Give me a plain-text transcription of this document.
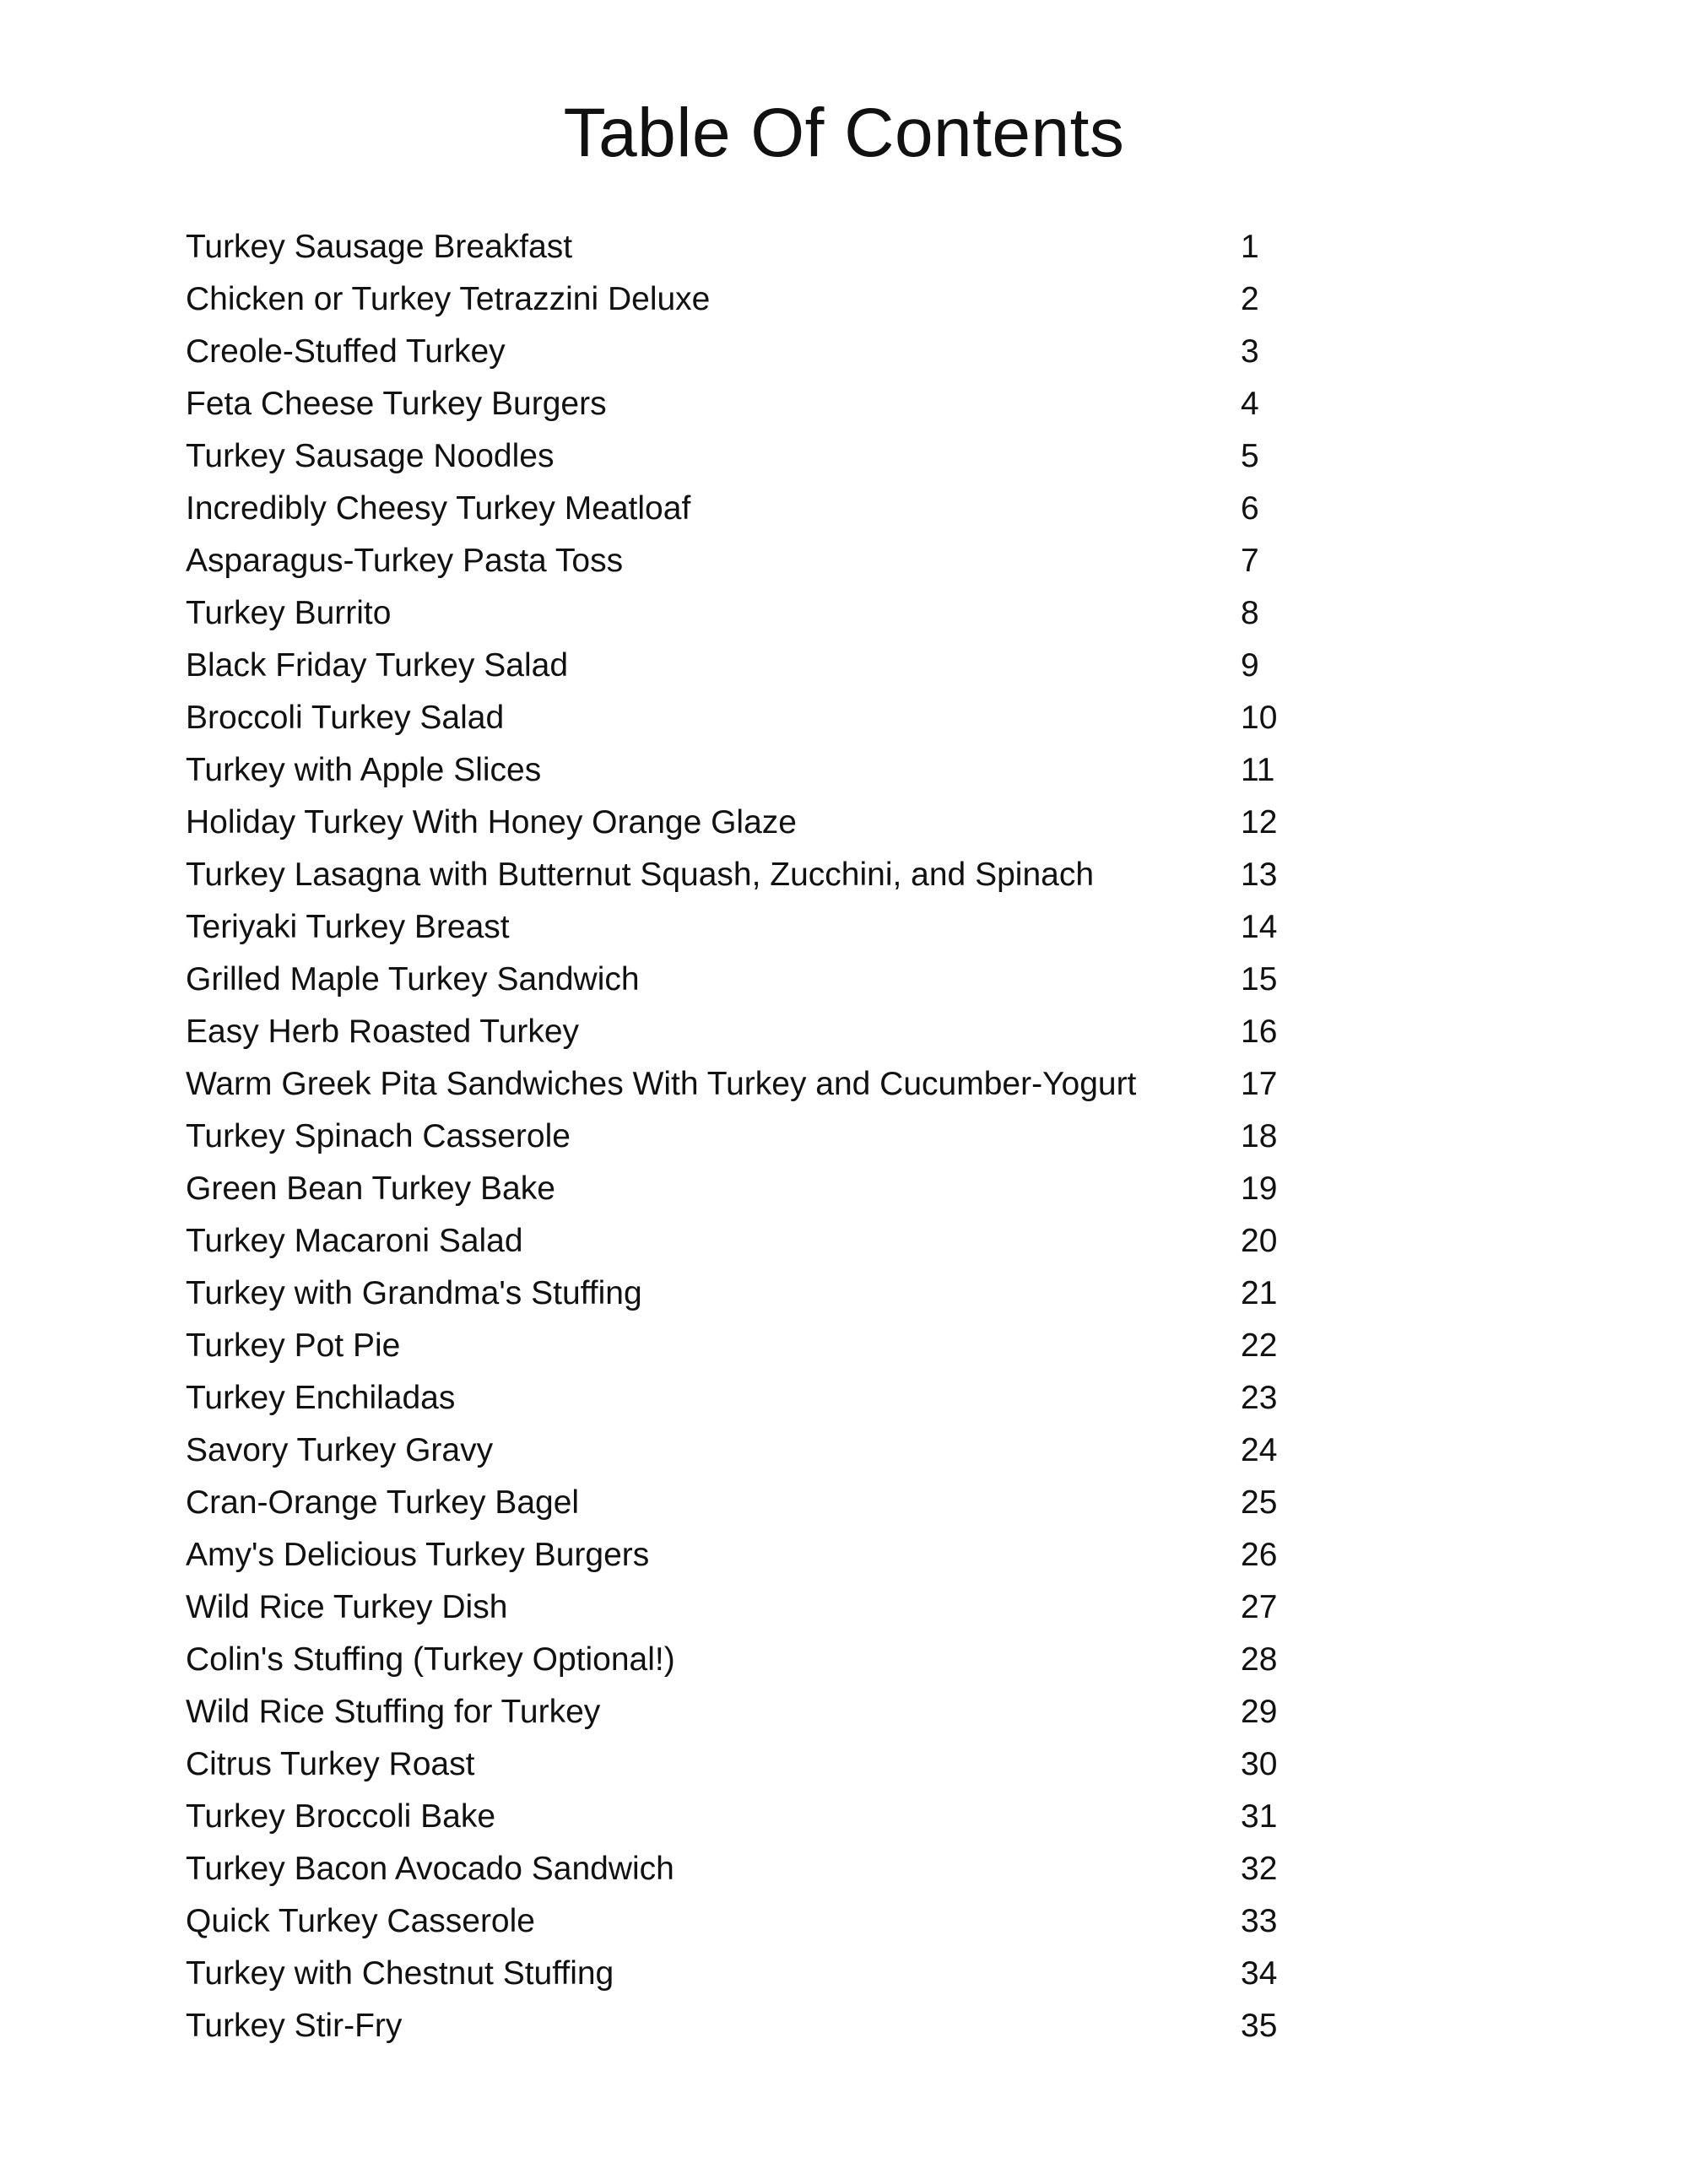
Table Of Contents
Turkey Sausage Breakfast	1
Chicken or Turkey Tetrazzini Deluxe	2
Creole-Stuffed Turkey	3
Feta Cheese Turkey Burgers	4
Turkey Sausage Noodles	5
Incredibly Cheesy Turkey Meatloaf	6
Asparagus-Turkey Pasta Toss	7
Turkey Burrito	8
Black Friday Turkey Salad	9
Broccoli Turkey Salad	10
Turkey with Apple Slices	11
Holiday Turkey With Honey Orange Glaze	12
Turkey Lasagna with Butternut Squash, Zucchini, and Spinach	13
Teriyaki Turkey Breast	14
Grilled Maple Turkey Sandwich	15
Easy Herb Roasted Turkey	16
Warm Greek Pita Sandwiches With Turkey and Cucumber-Yogurt	17
Turkey Spinach Casserole	18
Green Bean Turkey Bake	19
Turkey Macaroni Salad	20
Turkey with Grandma's Stuffing	21
Turkey Pot Pie	22
Turkey Enchiladas	23
Savory Turkey Gravy	24
Cran-Orange Turkey Bagel	25
Amy's Delicious Turkey Burgers	26
Wild Rice Turkey Dish	27
Colin's Stuffing (Turkey Optional!)	28
Wild Rice Stuffing for Turkey	29
Citrus Turkey Roast	30
Turkey Broccoli Bake	31
Turkey Bacon Avocado Sandwich	32
Quick Turkey Casserole	33
Turkey with Chestnut Stuffing	34
Turkey Stir-Fry	35
